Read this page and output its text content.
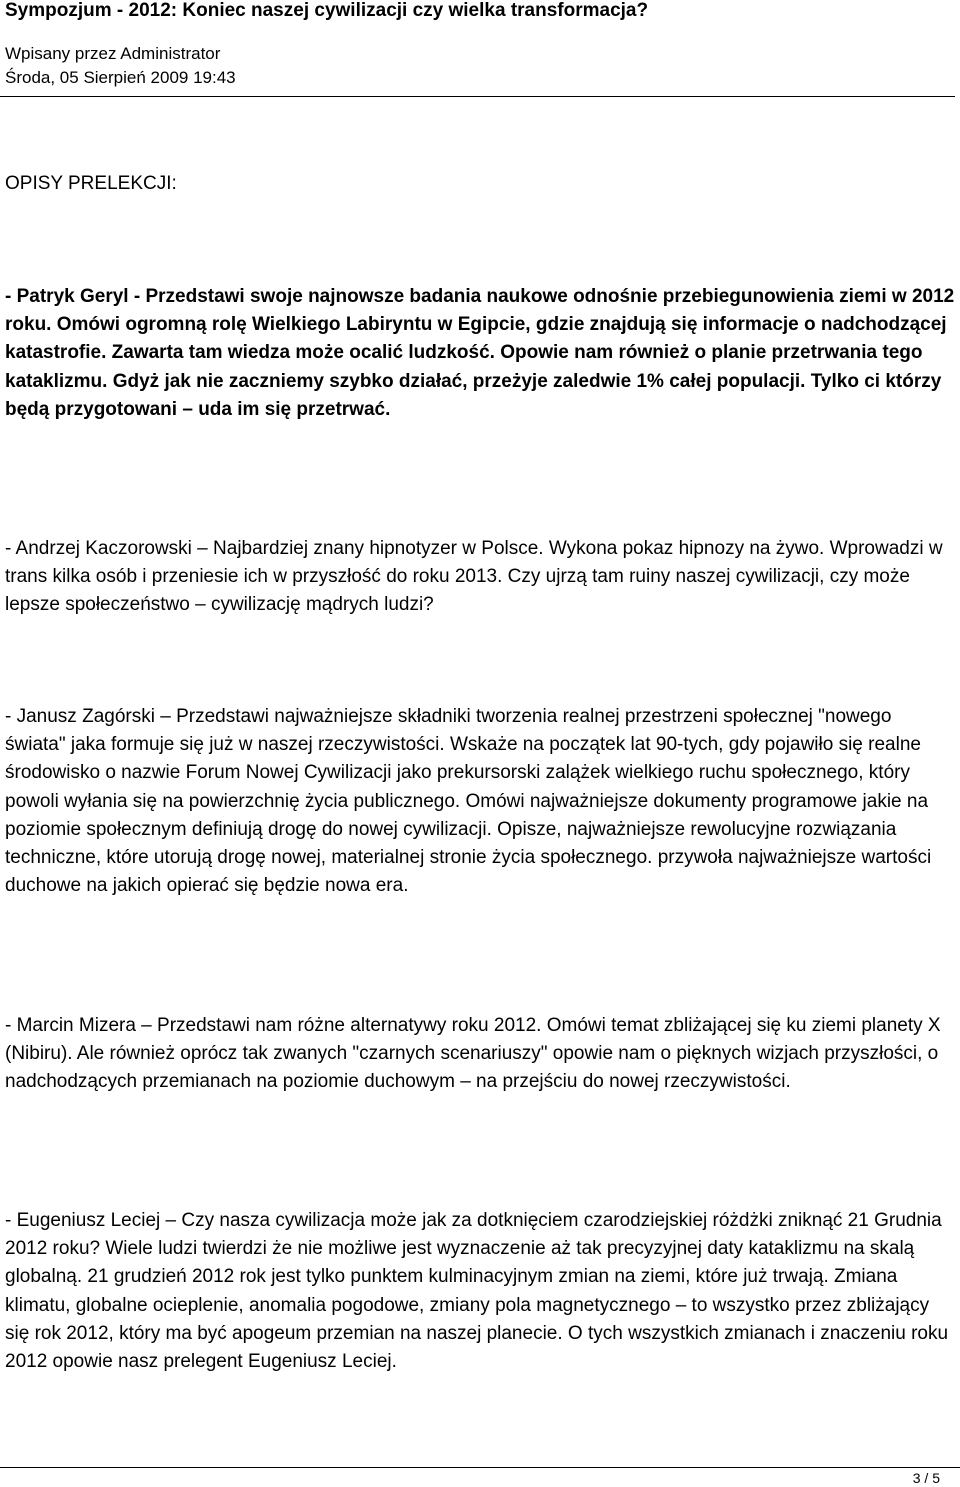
Sympozjum - 2012: Koniec naszej cywilizacji czy wielka transformacja?

Wpisany przez Administrator

Środa, 05 Sierpień 2009 19:43

OPISY PRELEKCJI:

- Patryk Geryl - Przedstawi swoje najnowsze badania naukowe odnośnie przebiegunowienia ziemi w 2012 roku. Omówi ogromną rolę Wielkiego Labiryntu w Egipcie, gdzie znajdują się informacje o nadchodzącej katastrofie. Zawarta tam wiedza może ocalić ludzkość. Opowie nam również o planie przetrwania tego kataklizmu. Gdyż jak nie zaczniemy szybko działać, przeżyje zaledwie 1% całej populacji. Tylko ci którzy będą przygotowani – uda im się przetrwać.

- Andrzej Kaczorowski – Najbardziej znany hipnotyzer w Polsce. Wykona pokaz hipnozy na żywo. Wprowadzi w trans kilka osób i przeniesie ich w przyszłość do roku 2013. Czy ujrzą tam ruiny naszej cywilizacji, czy może lepsze społeczeństwo – cywilizację mądrych ludzi?

- Janusz Zagórski – Przedstawi najważniejsze składniki tworzenia realnej przestrzeni społecznej "nowego świata" jaka formuje się już w naszej rzeczywistości. Wskaże na początek lat 90-tych, gdy pojawiło się realne środowisko o nazwie Forum Nowej Cywilizacji jako prekursorski zalążek wielkiego ruchu społecznego, który powoli wyłania się na powierzchnię życia publicznego. Omówi najważniejsze dokumenty programowe jakie na poziomie społecznym definiują drogę do nowej cywilizacji. Opisze, najważniejsze rewolucyjne rozwiązania techniczne, które utorują drogę nowej, materialnej stronie życia społecznego. przywoła najważniejsze wartości duchowe na jakich opierać się będzie nowa era.

- Marcin Mizera – Przedstawi nam różne alternatywy roku 2012. Omówi temat zbliżającej się ku ziemi planety X (Nibiru). Ale również oprócz tak zwanych "czarnych scenariuszy" opowie nam o pięknych wizjach przyszłości, o nadchodzących przemianach na poziomie duchowym – na przejściu do nowej rzeczywistości.

- Eugeniusz Leciej – Czy nasza cywilizacja może jak za dotknięciem czarodziejskiej różdżki zniknąć 21 Grudnia 2012 roku? Wiele ludzi twierdzi że nie możliwe jest wyznaczenie aż tak precyzyjnej daty kataklizmu na skalą globalną. 21 grudzień 2012 rok jest tylko punktem kulminacyjnym zmian na ziemi, które już trwają. Zmiana klimatu, globalne ocieplenie, anomalia pogodowe, zmiany pola magnetycznego – to wszystko przez zbliżający się rok 2012, który ma być apogeum przemian na naszej planecie. O tych wszystkich zmianach i znaczeniu roku 2012 opowie nasz prelegent Eugeniusz Leciej.

3 / 5
